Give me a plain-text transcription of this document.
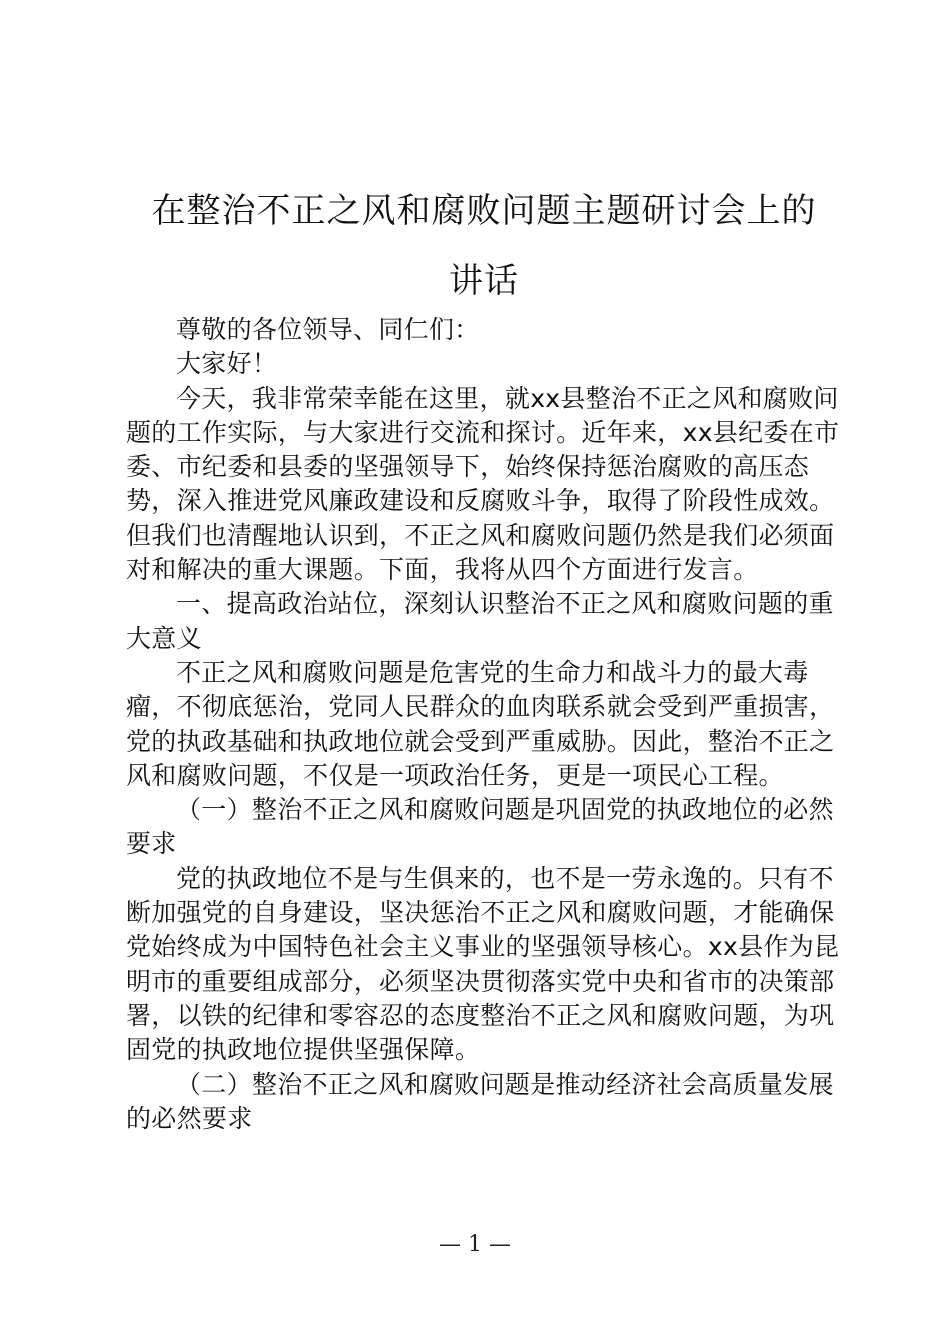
在整治不正之风和腐败问题主题研讨会上的
讲话

尊敬的各位领导、同仁们：

大家好！

今天，我非常荣幸能在这里，就xx县整治不正之风和腐败问题的工作实际，与大家进行交流和探讨。近年来，xx县纪委在市委、市纪委和县委的坚强领导下，始终保持惩治腐败的高压态势，深入推进党风廉政建设和反腐败斗争，取得了阶段性成效。但我们也清醒地认识到，不正之风和腐败问题仍然是我们必须面对和解决的重大课题。下面，我将从四个方面进行发言。

一、提高政治站位，深刻认识整治不正之风和腐败问题的重大意义

不正之风和腐败问题是危害党的生命力和战斗力的最大毒瘤，不彻底惩治，党同人民群众的血肉联系就会受到严重损害，党的执政基础和执政地位就会受到严重威胁。因此，整治不正之风和腐败问题，不仅是一项政治任务，更是一项民心工程。

（一）整治不正之风和腐败问题是巩固党的执政地位的必然要求

党的执政地位不是与生俱来的，也不是一劳永逸的。只有不断加强党的自身建设，坚决惩治不正之风和腐败问题，才能确保党始终成为中国特色社会主义事业的坚强领导核心。xx县作为昆明市的重要组成部分，必须坚决贯彻落实党中央和省市的决策部署，以铁的纪律和零容忍的态度整治不正之风和腐败问题，为巩固党的执政地位提供坚强保障。

（二）整治不正之风和腐败问题是推动经济社会高质量发展的必然要求

— 1 —
